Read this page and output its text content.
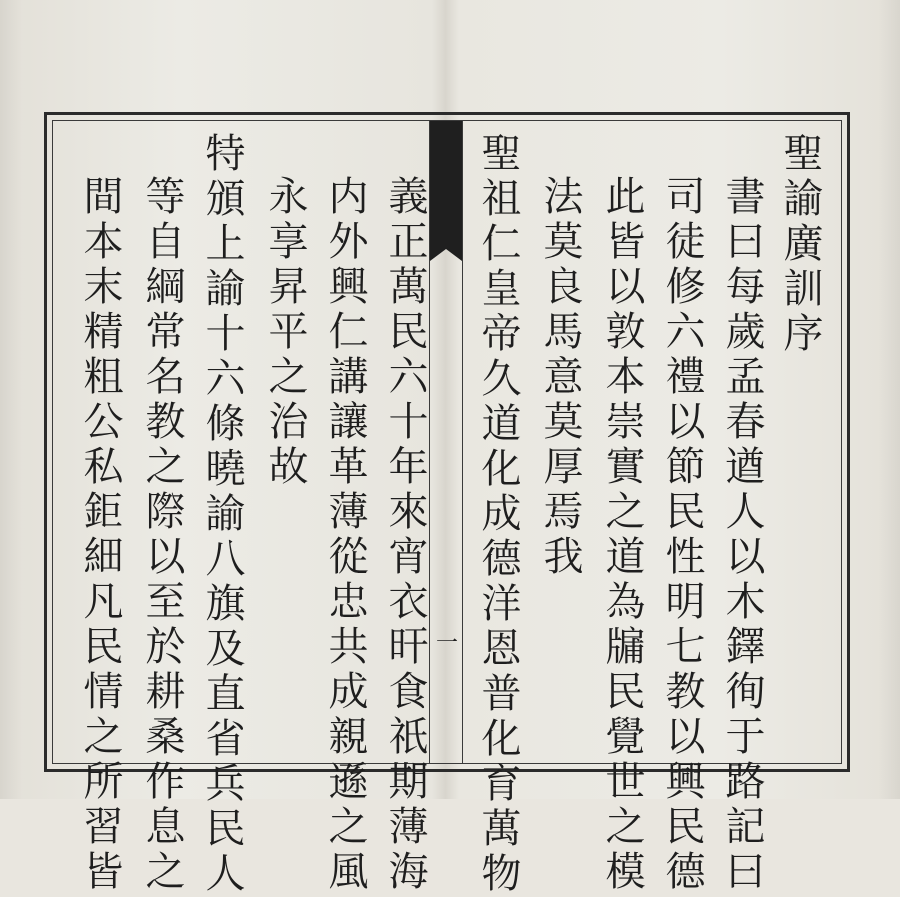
一
聖諭廣訓序
書曰每歲孟春遒人以木鐸徇于路記曰
司徒修六禮以節民性明七教以興民德
此皆以敦本崇實之道為牖民覺世之模
法莫良馬意莫厚焉我
聖祖仁皇帝久道化成德洋恩普化育萬物
義正萬民六十年來宵衣旰食祇期薄海
内外興仁講讓革薄從忠共成親遜之風
永享昇平之治故
特頒上諭十六條曉諭八旗及直省兵民人
等自綱常名教之際以至於耕桑作息之
間本末精粗公私鉅細凡民情之所習皆
